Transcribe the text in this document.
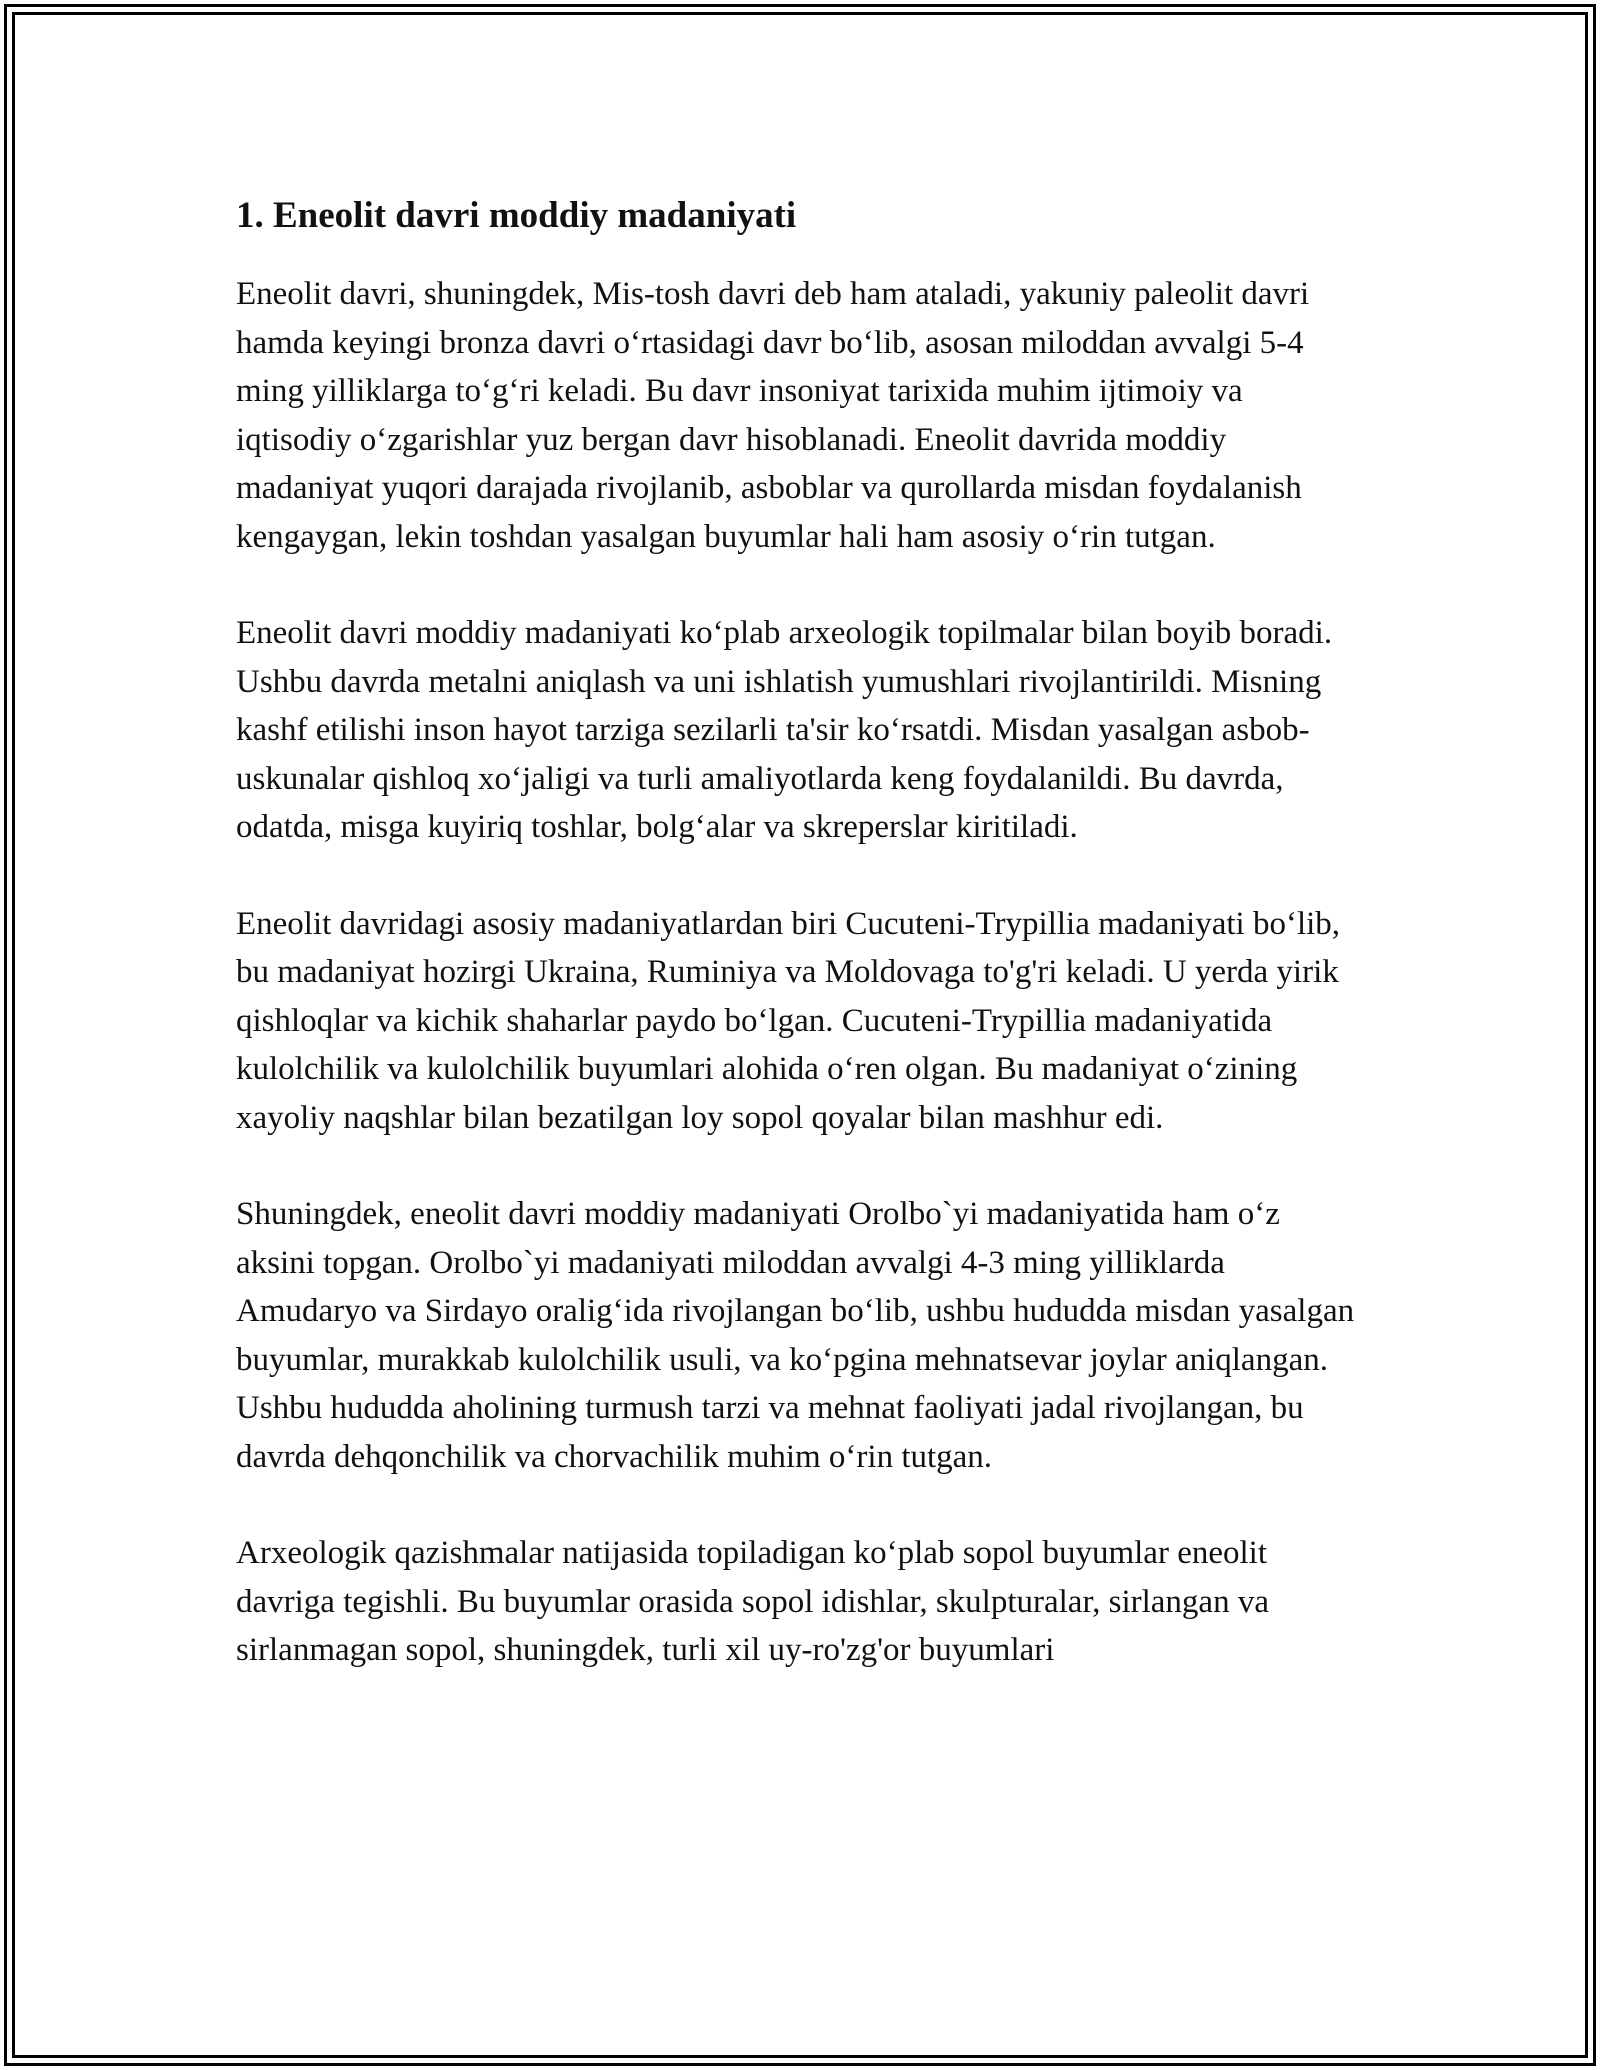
1. Eneolit davri moddiy madaniyati

Eneolit davri, shuningdek, Mis-tosh davri deb ham ataladi, yakuniy paleolit davri hamda keyingi bronza davri o‘rtasidagi davr bo‘lib, asosan miloddan avvalgi 5-4 ming yilliklarga to‘g‘ri keladi. Bu davr insoniyat tarixida muhim ijtimoiy va iqtisodiy o‘zgarishlar yuz bergan davr hisoblanadi. Eneolit davrida moddiy madaniyat yuqori darajada rivojlanib, asboblar va qurollarda misdan foydalanish kengaygan, lekin toshdan yasalgan buyumlar hali ham asosiy o‘rin tutgan.

Eneolit davri moddiy madaniyati ko‘plab arxeologik topilmalar bilan boyib boradi. Ushbu davrda metalni aniqlash va uni ishlatish yumushlari rivojlantirildi. Misning kashf etilishi inson hayot tarziga sezilarli ta'sir ko‘rsatdi. Misdan yasalgan asbob-uskunalar qishloq xo‘jaligi va turli amaliyotlarda keng foydalanildi. Bu davrda, odatda, misga kuyiriq toshlar, bolg‘alar va skreperslar kiritiladi.

Eneolit davridagi asosiy madaniyatlardan biri Cucuteni-Trypillia madaniyati bo‘lib, bu madaniyat hozirgi Ukraina, Ruminiya va Moldovaga to'g'ri keladi. U yerda yirik qishloqlar va kichik shaharlar paydo bo‘lgan. Cucuteni-Trypillia madaniyatida kulolchilik va kulolchilik buyumlari alohida o‘ren olgan. Bu madaniyat o‘zining xayoliy naqshlar bilan bezatilgan loy sopol qoyalar bilan mashhur edi.

Shuningdek, eneolit davri moddiy madaniyati Orolbo`yi madaniyatida ham o‘z aksini topgan. Orolbo`yi madaniyati miloddan avvalgi 4-3 ming yilliklarda Amudaryo va Sirdayo oralig‘ida rivojlangan bo‘lib, ushbu hududda misdan yasalgan buyumlar, murakkab kulolchilik usuli, va ko‘pgina mehnatsevar joylar aniqlangan. Ushbu hududda aholining turmush tarzi va mehnat faoliyati jadal rivojlangan, bu davrda dehqonchilik va chorvachilik muhim o‘rin tutgan.

Arxeologik qazishmalar natijasida topiladigan ko‘plab sopol buyumlar eneolit davriga tegishli. Bu buyumlar orasida sopol idishlar, skulpturalar, sirlangan va sirlanmagan sopol, shuningdek, turli xil uy-ro'zg'or buyumlari
